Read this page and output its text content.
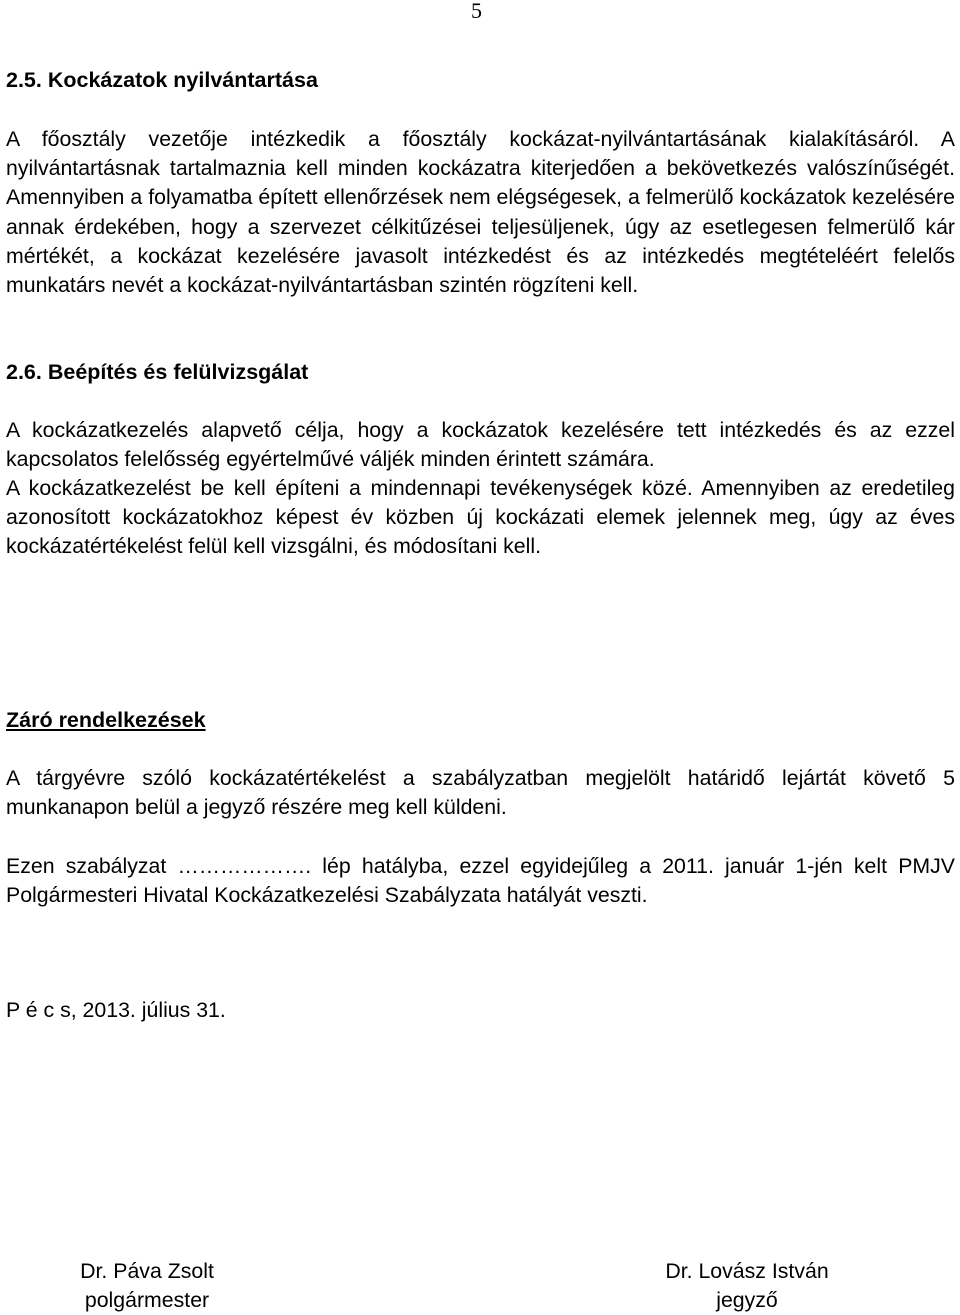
5
2.5. Kockázatok nyilvántartása
A főosztály vezetője intézkedik a főosztály kockázat-nyilvántartásának kialakításáról. A nyilvántartásnak tartalmaznia kell minden kockázatra kiterjedően a bekövetkezés valószínűségét. Amennyiben a folyamatba épített ellenőrzések nem elégségesek, a felmerülő kockázatok kezelésére annak érdekében, hogy a szervezet célkitűzései teljesüljenek, úgy az esetlegesen felmerülő kár mértékét, a kockázat kezelésére javasolt intézkedést és az intézkedés megtételéért felelős munkatárs nevét a kockázat-nyilvántartásban szintén rögzíteni kell.
2.6. Beépítés és felülvizsgálat
A kockázatkezelés alapvető célja, hogy a kockázatok kezelésére tett intézkedés és az ezzel kapcsolatos felelősség egyértelművé váljék minden érintett számára.
A kockázatkezelést be kell építeni a mindennapi tevékenységek közé. Amennyiben az eredetileg azonosított kockázatokhoz képest év közben új kockázati elemek jelennek meg, úgy az éves kockázatértékelést felül kell vizsgálni, és módosítani kell.
Záró rendelkezések
A tárgyévre szóló kockázatértékelést a szabályzatban megjelölt határidő lejártát követő 5 munkanapon belül a jegyző részére meg kell küldeni.
Ezen szabályzat ………………. lép hatályba, ezzel egyidejűleg a 2011. január 1-jén kelt PMJV Polgármesteri Hivatal Kockázatkezelési Szabályzata hatályát veszti.
P é c s, 2013. július 31.
Dr. Páva Zsolt
polgármester
Dr. Lovász István
jegyző
